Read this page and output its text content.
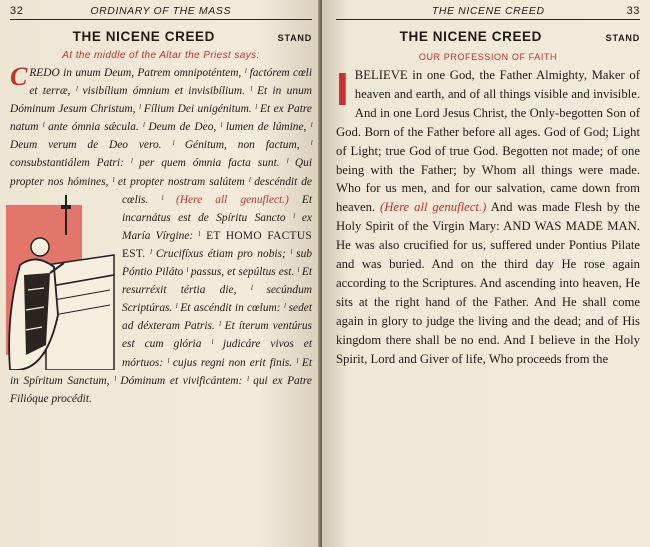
32	ORDINARY OF THE MASS
THE NICENE CREED	STAND
At the middle of the Altar the Priest says:

CREDO in unum Deum, Patrem omnipoténtem, ˡ factórem cœli et terræ, ˡ visibílium ómnium et invisibílium. ˡ Et in unum Dóminum Jesum Christum, ˡ Fílium Dei unigénitum. ˡ Et ex Patre natum ˡ ante ómnia sǽcula. ˡ Deum de Deo, ˡ lumen de lúmine, ˡ Deum verum de Deo vero. ˡ Génitum, non factum, ˡ consubstantiálem Patri: ˡ per quem ómnia facta sunt. ˡ Qui propter nos hómines, ˡ et propter nostram salútem ˡ descéndit de cœlis. ˡ (Here all genuflect.) Et incarnátus est de Spíritu Sancto ˡ ex María Vírgine: ˡ ET HOMO FACTUS EST. ˡ Crucifíxus étiam pro nobis; ˡ sub Póntio Piláto ˡ passus, et sepúltus est. ˡ Et resurréxit tértia die, ˡ secúndum Scriptúras. ˡ Et ascéndit in cœlum: ˡ sedet ad déxteram Patris. ˡ Et íterum ventúrus est cum glória ˡ judicáre vivos et mórtuos: ˡ cujus regni non erit finis. ˡ Et in Spíritum Sanctum, ˡ Dóminum et vivificántem: ˡ qui ex Patre Filióque procédit.

THE NICENE CREED	33
THE NICENE CREED	STAND
OUR PROFESSION OF FAITH

IBELIEVE in one God, the Father Almighty, Maker of heaven and earth, and of all things visible and invisible. And in one Lord Jesus Christ, the Only-begotten Son of God. Born of the Father before all ages. God of God; Light of Light; true God of true God. Begotten not made; of one being with the Father; by Whom all things were made. Who for us men, and for our salvation, came down from heaven. (Here all genuflect.) And was made Flesh by the Holy Spirit of the Virgin Mary: AND WAS MADE MAN. He was also crucified for us, suffered under Pontius Pilate and was buried. And on the third day He rose again according to the Scriptures. And ascending into heaven, He sits at the right hand of the Father. And He shall come again in glory to judge the living and the dead; and of His kingdom there shall be no end. And I believe in the Holy Spirit, Lord and Giver of life, Who proceeds from the
